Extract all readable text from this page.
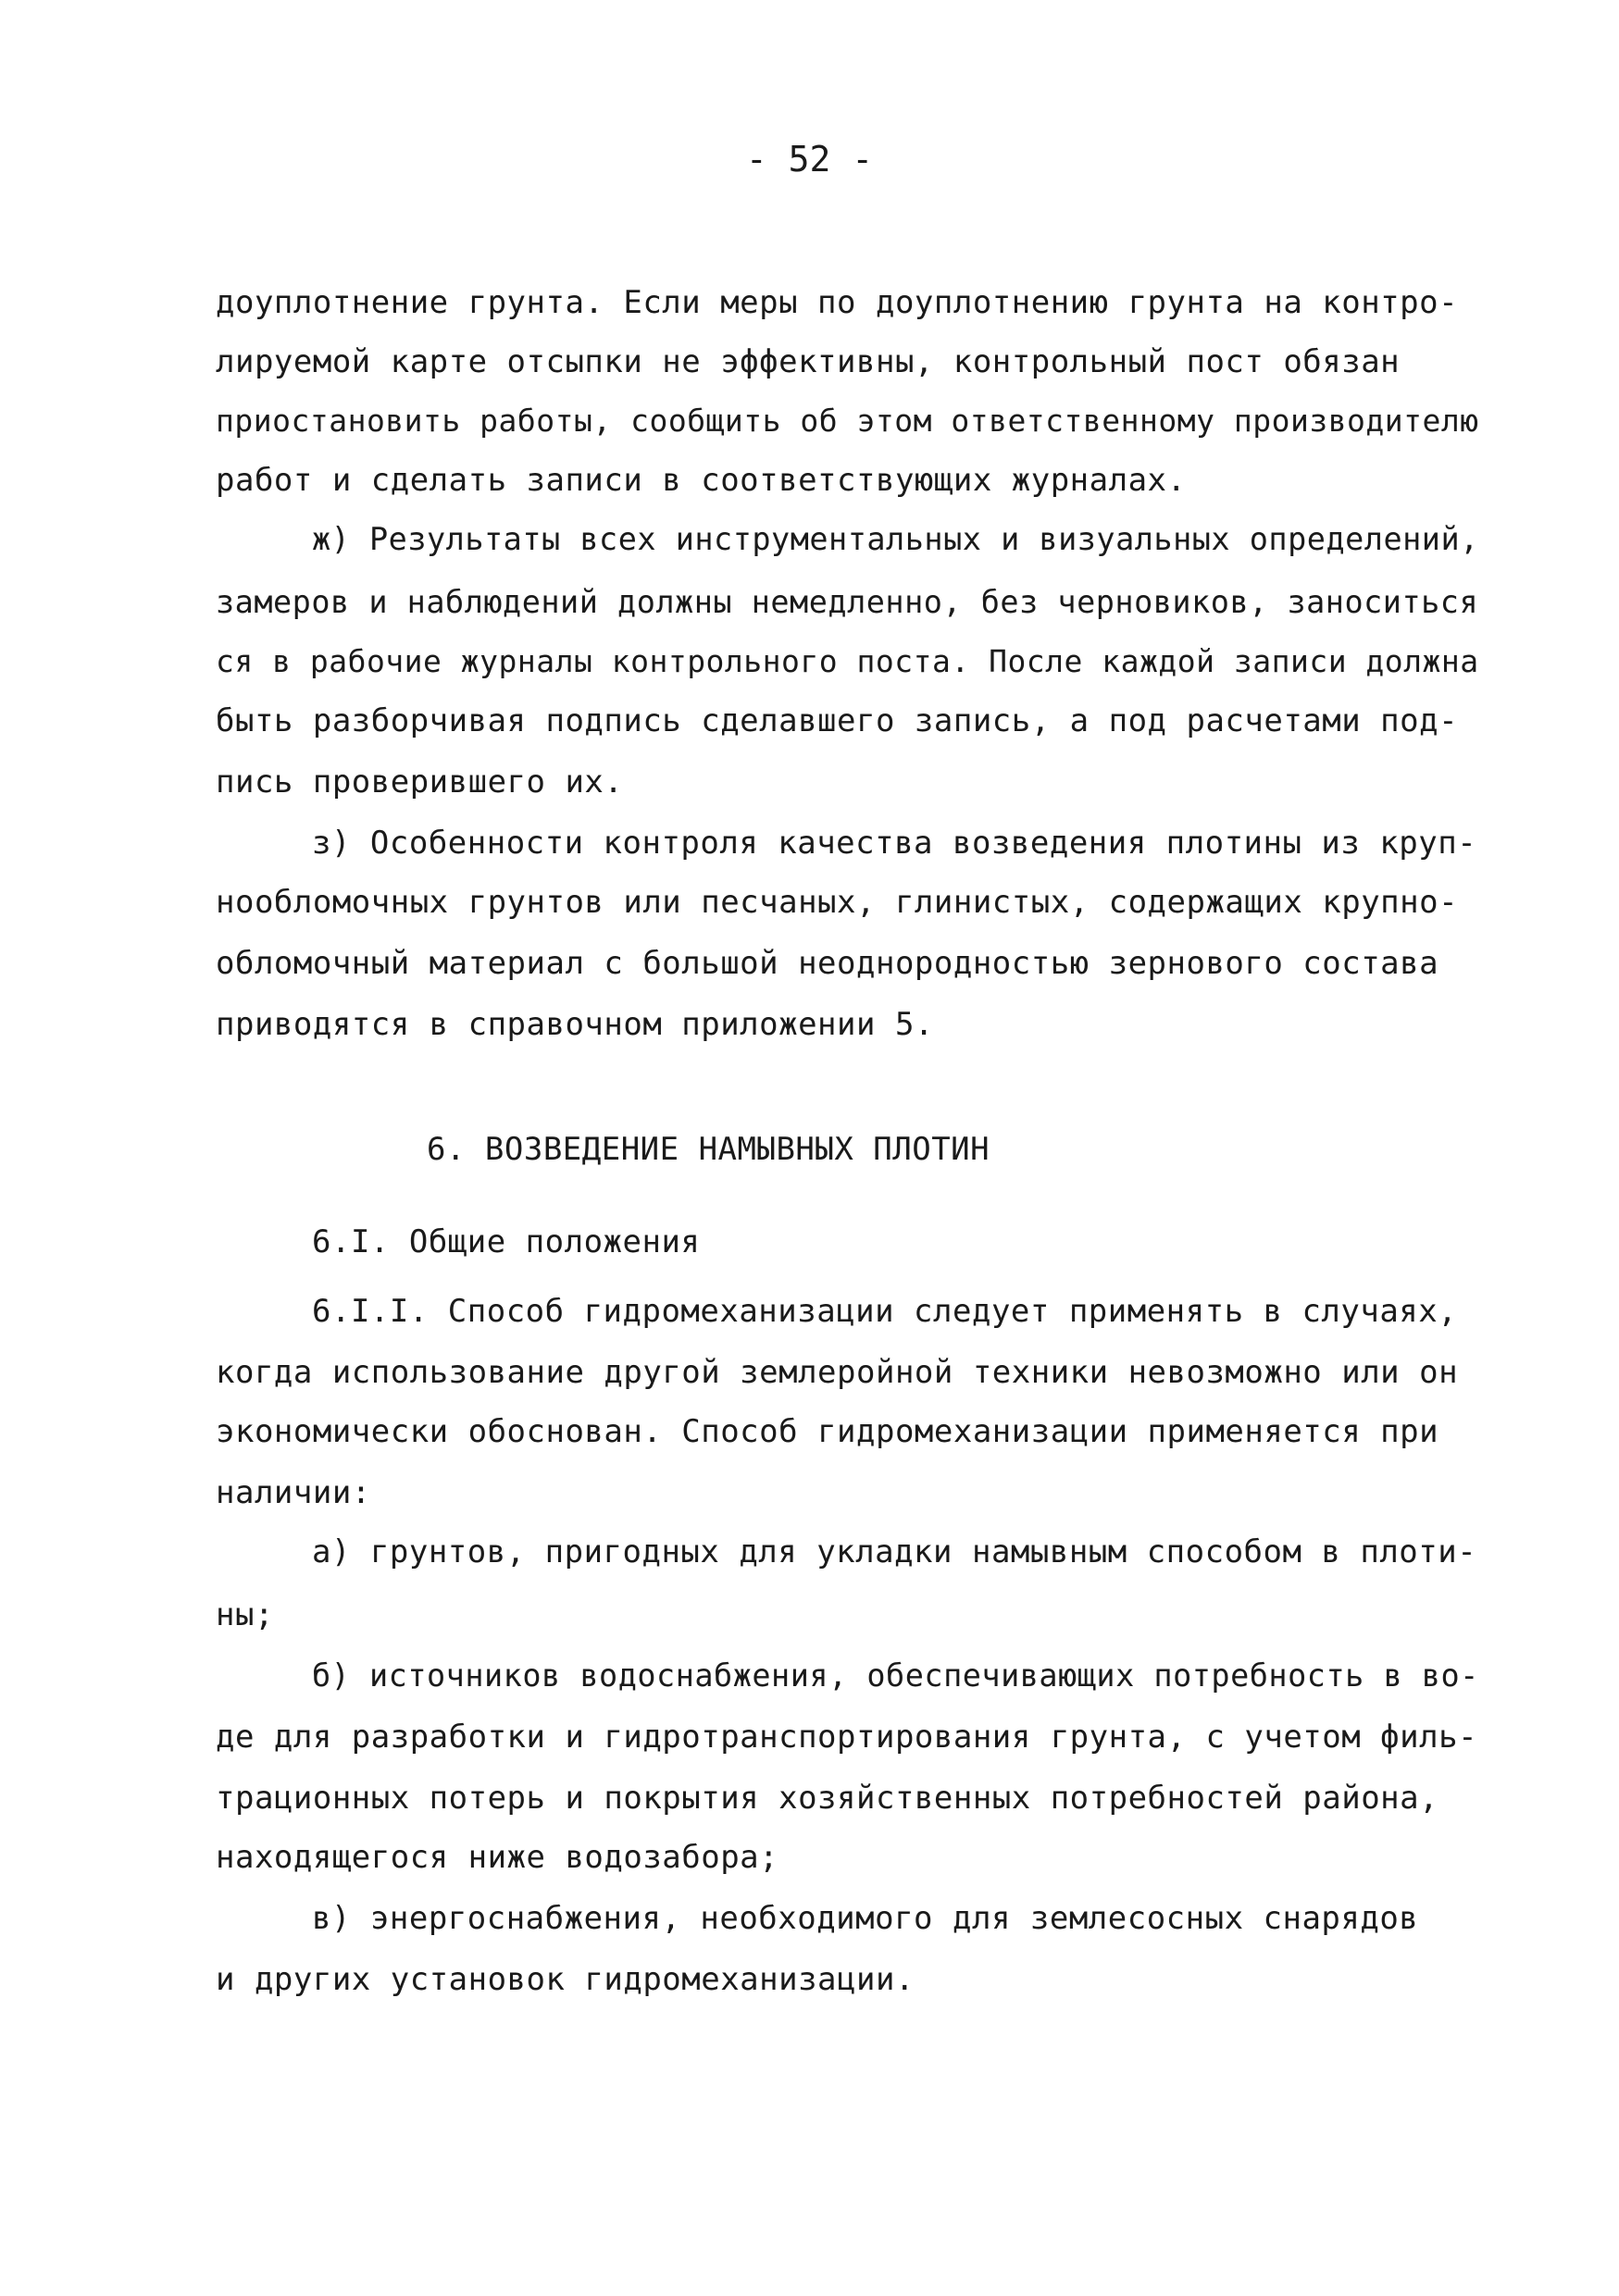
- 52 -
доуплотнение грунта. Если меры по доуплотнению грунта на контро-
лируемой карте отсыпки не эффективны, контрольный пост обязан
приостановить работы, сообщить об этом ответственному производителю
работ и сделать записи в соответствующих журналах.
ж) Результаты всех инструментальных и визуальных определений,
замеров и наблюдений должны немедленно, без черновиков, заноситься
ся в рабочие журналы контрольного поста. После каждой записи должна
быть разборчивая подпись сделавшего запись, а под расчетами под-
пись проверившего их.
з) Особенности контроля качества возведения плотины из круп-
нообломочных грунтов или песчаных, глинистых, содержащих крупно-
обломочный материал с большой неоднородностью зернового состава
приводятся в справочном приложении 5.
6. ВОЗВЕДЕНИЕ НАМЫВНЫХ ПЛОТИН
6.I. Общие положения
6.I.I. Способ гидромеханизации следует применять в случаях,
когда использование другой землеройной техники невозможно или он
экономически обоснован. Способ гидромеханизации применяется при
наличии:
а) грунтов, пригодных для укладки намывным способом в плоти-
ны;
б) источников водоснабжения, обеспечивающих потребность в во-
де для разработки и гидротранспортирования грунта, с учетом филь-
трационных потерь и покрытия хозяйственных потребностей района,
находящегося ниже водозабора;
в) энергоснабжения, необходимого для землесосных снарядов
и других установок гидромеханизации.
